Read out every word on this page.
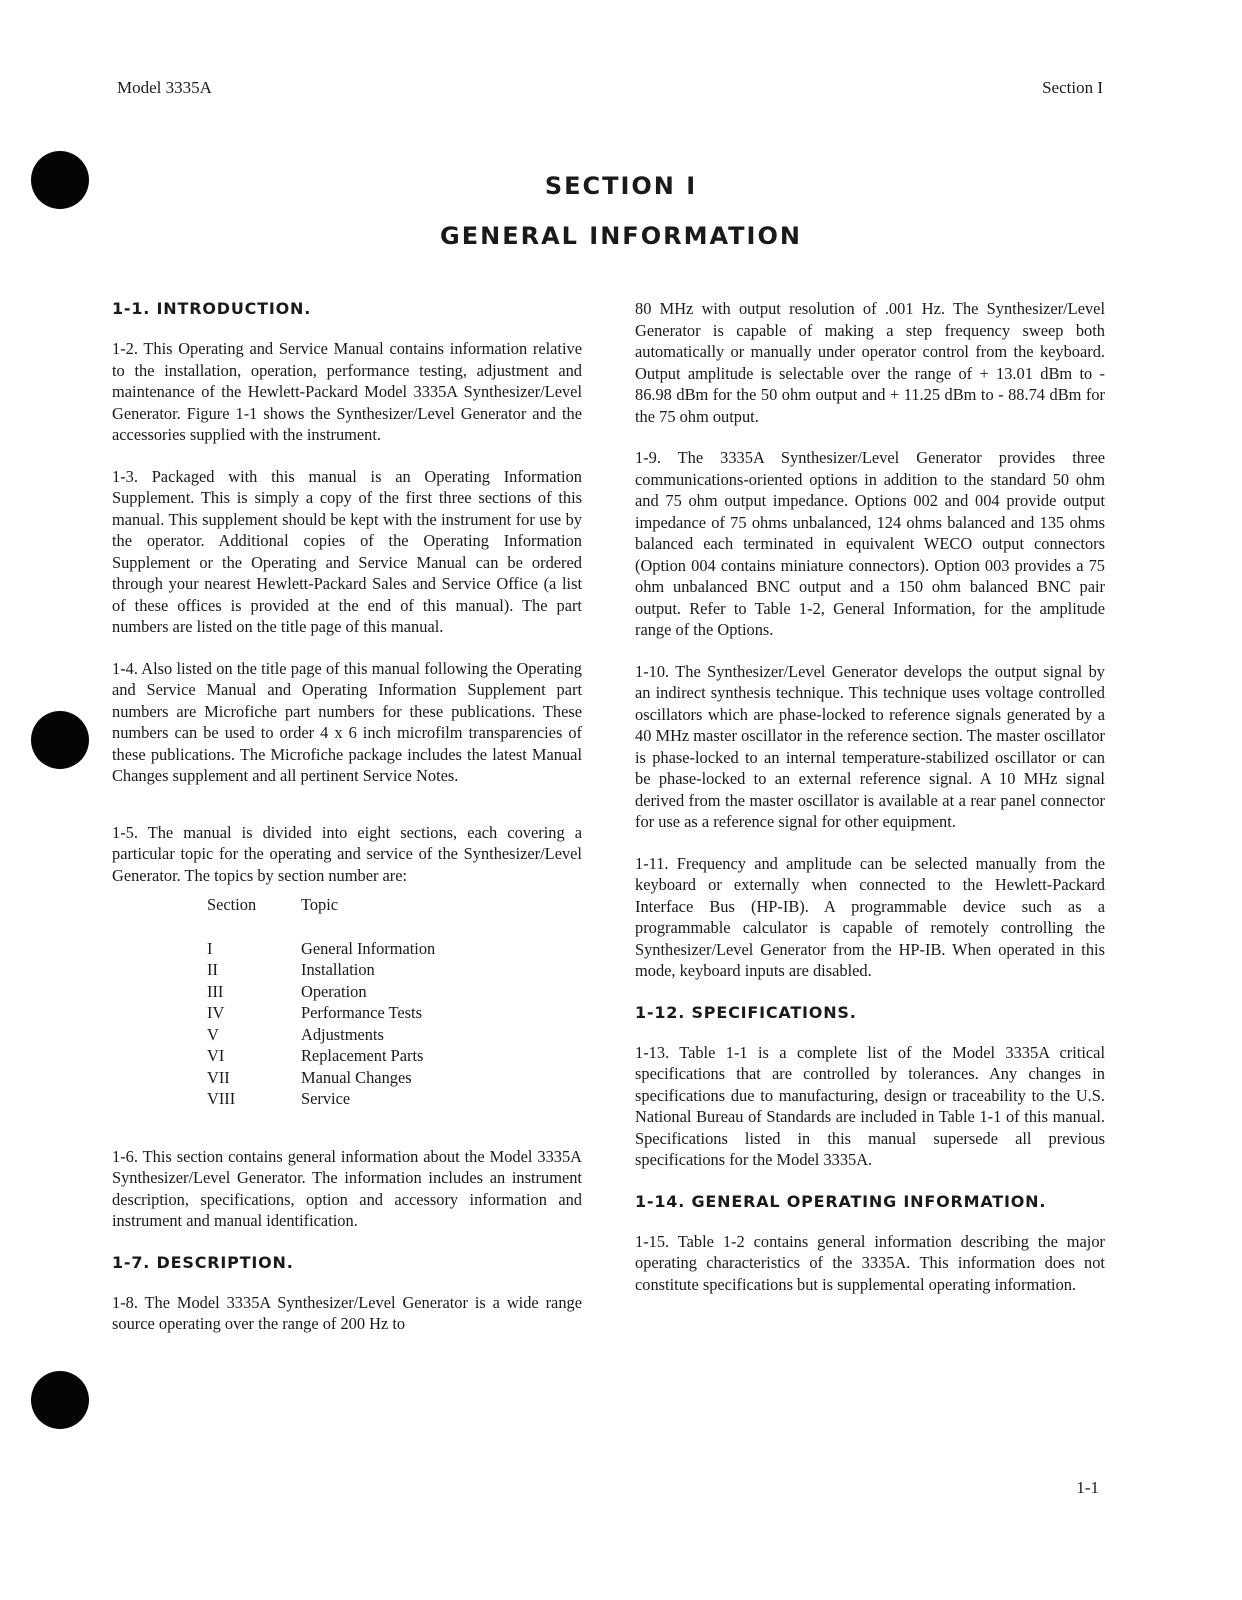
Model 3335A	Section I

SECTION I
GENERAL INFORMATION
1-1. INTRODUCTION.

1-2. This Operating and Service Manual contains information relative to the installation, operation, performance testing, adjustment and maintenance of the Hewlett-Packard Model 3335A Synthesizer/Level Generator. Figure 1-1 shows the Synthesizer/Level Generator and the accessories supplied with the instrument.

1-3. Packaged with this manual is an Operating Information Supplement. This is simply a copy of the first three sections of this manual. This supplement should be kept with the instrument for use by the operator. Additional copies of the Operating Information Supplement or the Operating and Service Manual can be ordered through your nearest Hewlett-Packard Sales and Service Office (a list of these offices is provided at the end of this manual). The part numbers are listed on the title page of this manual.

1-4. Also listed on the title page of this manual following the Operating and Service Manual and Operating Information Supplement part numbers are Microfiche part numbers for these publications. These numbers can be used to order 4 x 6 inch microfilm transparencies of these publications. The Microfiche package includes the latest Manual Changes supplement and all pertinent Service Notes.

1-5. The manual is divided into eight sections, each covering a particular topic for the operating and service of the Synthesizer/Level Generator. The topics by section number are:

Section	Topic
I	General Information
II	Installation
III	Operation
IV	Performance Tests
V	Adjustments
VI	Replacement Parts
VII	Manual Changes
VIII	Service

1-6. This section contains general information about the Model 3335A Synthesizer/Level Generator. The information includes an instrument description, specifications, option and accessory information and instrument and manual identification.

1-7. DESCRIPTION.

1-8. The Model 3335A Synthesizer/Level Generator is a wide range source operating over the range of 200 Hz to

80 MHz with output resolution of .001 Hz. The Synthesizer/Level Generator is capable of making a step frequency sweep both automatically or manually under operator control from the keyboard. Output amplitude is selectable over the range of + 13.01 dBm to - 86.98 dBm for the 50 ohm output and + 11.25 dBm to - 88.74 dBm for the 75 ohm output.

1-9. The 3335A Synthesizer/Level Generator provides three communications-oriented options in addition to the standard 50 ohm and 75 ohm output impedance. Options 002 and 004 provide output impedance of 75 ohms unbalanced, 124 ohms balanced and 135 ohms balanced each terminated in equivalent WECO output connectors (Option 004 contains miniature connectors). Option 003 provides a 75 ohm unbalanced BNC output and a 150 ohm balanced BNC pair output. Refer to Table 1-2, General Information, for the amplitude range of the Options.

1-10. The Synthesizer/Level Generator develops the output signal by an indirect synthesis technique. This technique uses voltage controlled oscillators which are phase-locked to reference signals generated by a 40 MHz master oscillator in the reference section. The master oscillator is phase-locked to an internal temperature-stabilized oscillator or can be phase-locked to an external reference signal. A 10 MHz signal derived from the master oscillator is available at a rear panel connector for use as a reference signal for other equipment.

1-11. Frequency and amplitude can be selected manually from the keyboard or externally when connected to the Hewlett-Packard Interface Bus (HP-IB). A programmable device such as a programmable calculator is capable of remotely controlling the Synthesizer/Level Generator from the HP-IB. When operated in this mode, keyboard inputs are disabled.

1-12. SPECIFICATIONS.

1-13. Table 1-1 is a complete list of the Model 3335A critical specifications that are controlled by tolerances. Any changes in specifications due to manufacturing, design or traceability to the U.S. National Bureau of Standards are included in Table 1-1 of this manual. Specifications listed in this manual supersede all previous specifications for the Model 3335A.

1-14. GENERAL OPERATING INFORMATION.

1-15. Table 1-2 contains general information describing the major operating characteristics of the 3335A. This information does not constitute specifications but is supplemental operating information.

1-1
